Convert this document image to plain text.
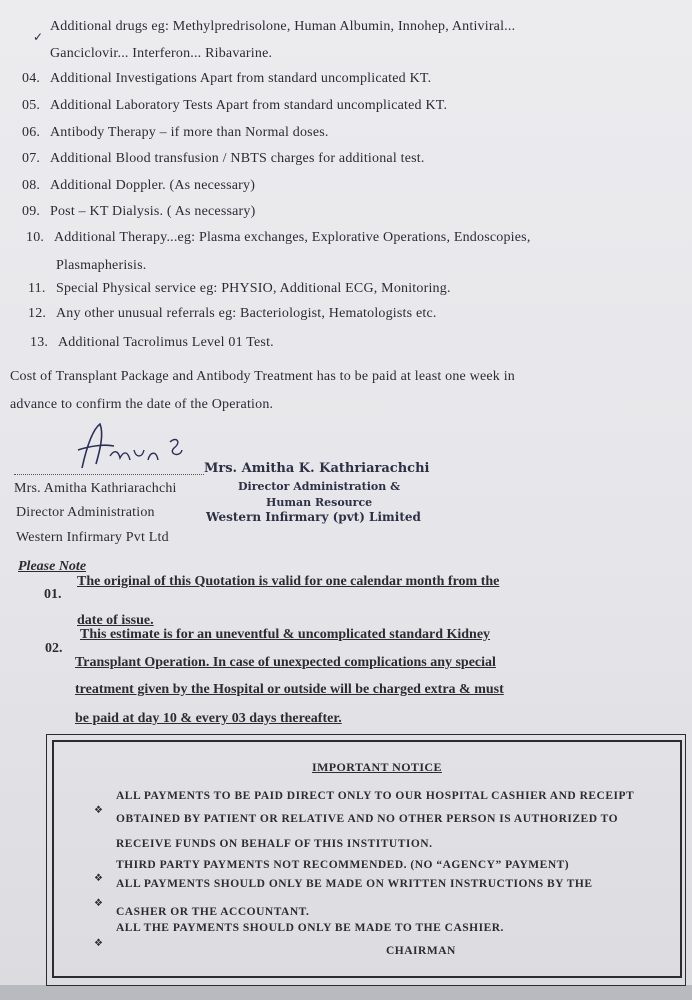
✓
Additional drugs eg: Methylpredrisolone, Human Albumin, Innohep, Antiviral...
Ganciclovir... Interferon... Ribavarine.
04. Additional Investigations Apart from standard uncomplicated KT.
05. Additional Laboratory Tests Apart from standard uncomplicated KT.
06. Antibody Therapy – if more than Normal doses.
07. Additional Blood transfusion / NBTS charges for additional test.
08. Additional Doppler. (As necessary)
09. Post – KT Dialysis. ( As necessary)
10. Additional Therapy...eg: Plasma exchanges, Explorative Operations, Endoscopies,
Plasmapherisis.
11. Special Physical service eg: PHYSIO, Additional ECG, Monitoring.
12. Any other unusual referrals eg: Bacteriologist, Hematologists etc.
13. Additional Tacrolimus Level 01 Test.
Cost of Transplant Package and Antibody Treatment has to be paid at least one week in
advance to confirm the date of the Operation.
Mrs. Amitha Kathriarachchi
Director Administration
Western Infirmary Pvt Ltd
Mrs. Amitha K. Kathriarachchi
Director Administration &
Human Resource
Western Infirmary (pvt) Limited
Please Note
01.
The original of this Quotation is valid for one calendar month from the
date of issue.
02.
This estimate is for an uneventful & uncomplicated standard Kidney
Transplant Operation. In case of unexpected complications any special
treatment given by the Hospital or outside will be charged extra & must
be paid at day 10 & every 03 days thereafter.
IMPORTANT NOTICE
❖
ALL PAYMENTS TO BE PAID DIRECT ONLY TO OUR HOSPITAL CASHIER AND RECEIPT
OBTAINED BY PATIENT OR RELATIVE AND NO OTHER PERSON IS AUTHORIZED TO
RECEIVE FUNDS ON BEHALF OF THIS INSTITUTION.
❖
THIRD PARTY PAYMENTS NOT RECOMMENDED. (NO “AGENCY” PAYMENT)
❖
ALL PAYMENTS SHOULD ONLY BE MADE ON WRITTEN INSTRUCTIONS BY THE
CASHER OR THE ACCOUNTANT.
❖
ALL THE PAYMENTS SHOULD ONLY BE MADE TO THE CASHIER.
CHAIRMAN
